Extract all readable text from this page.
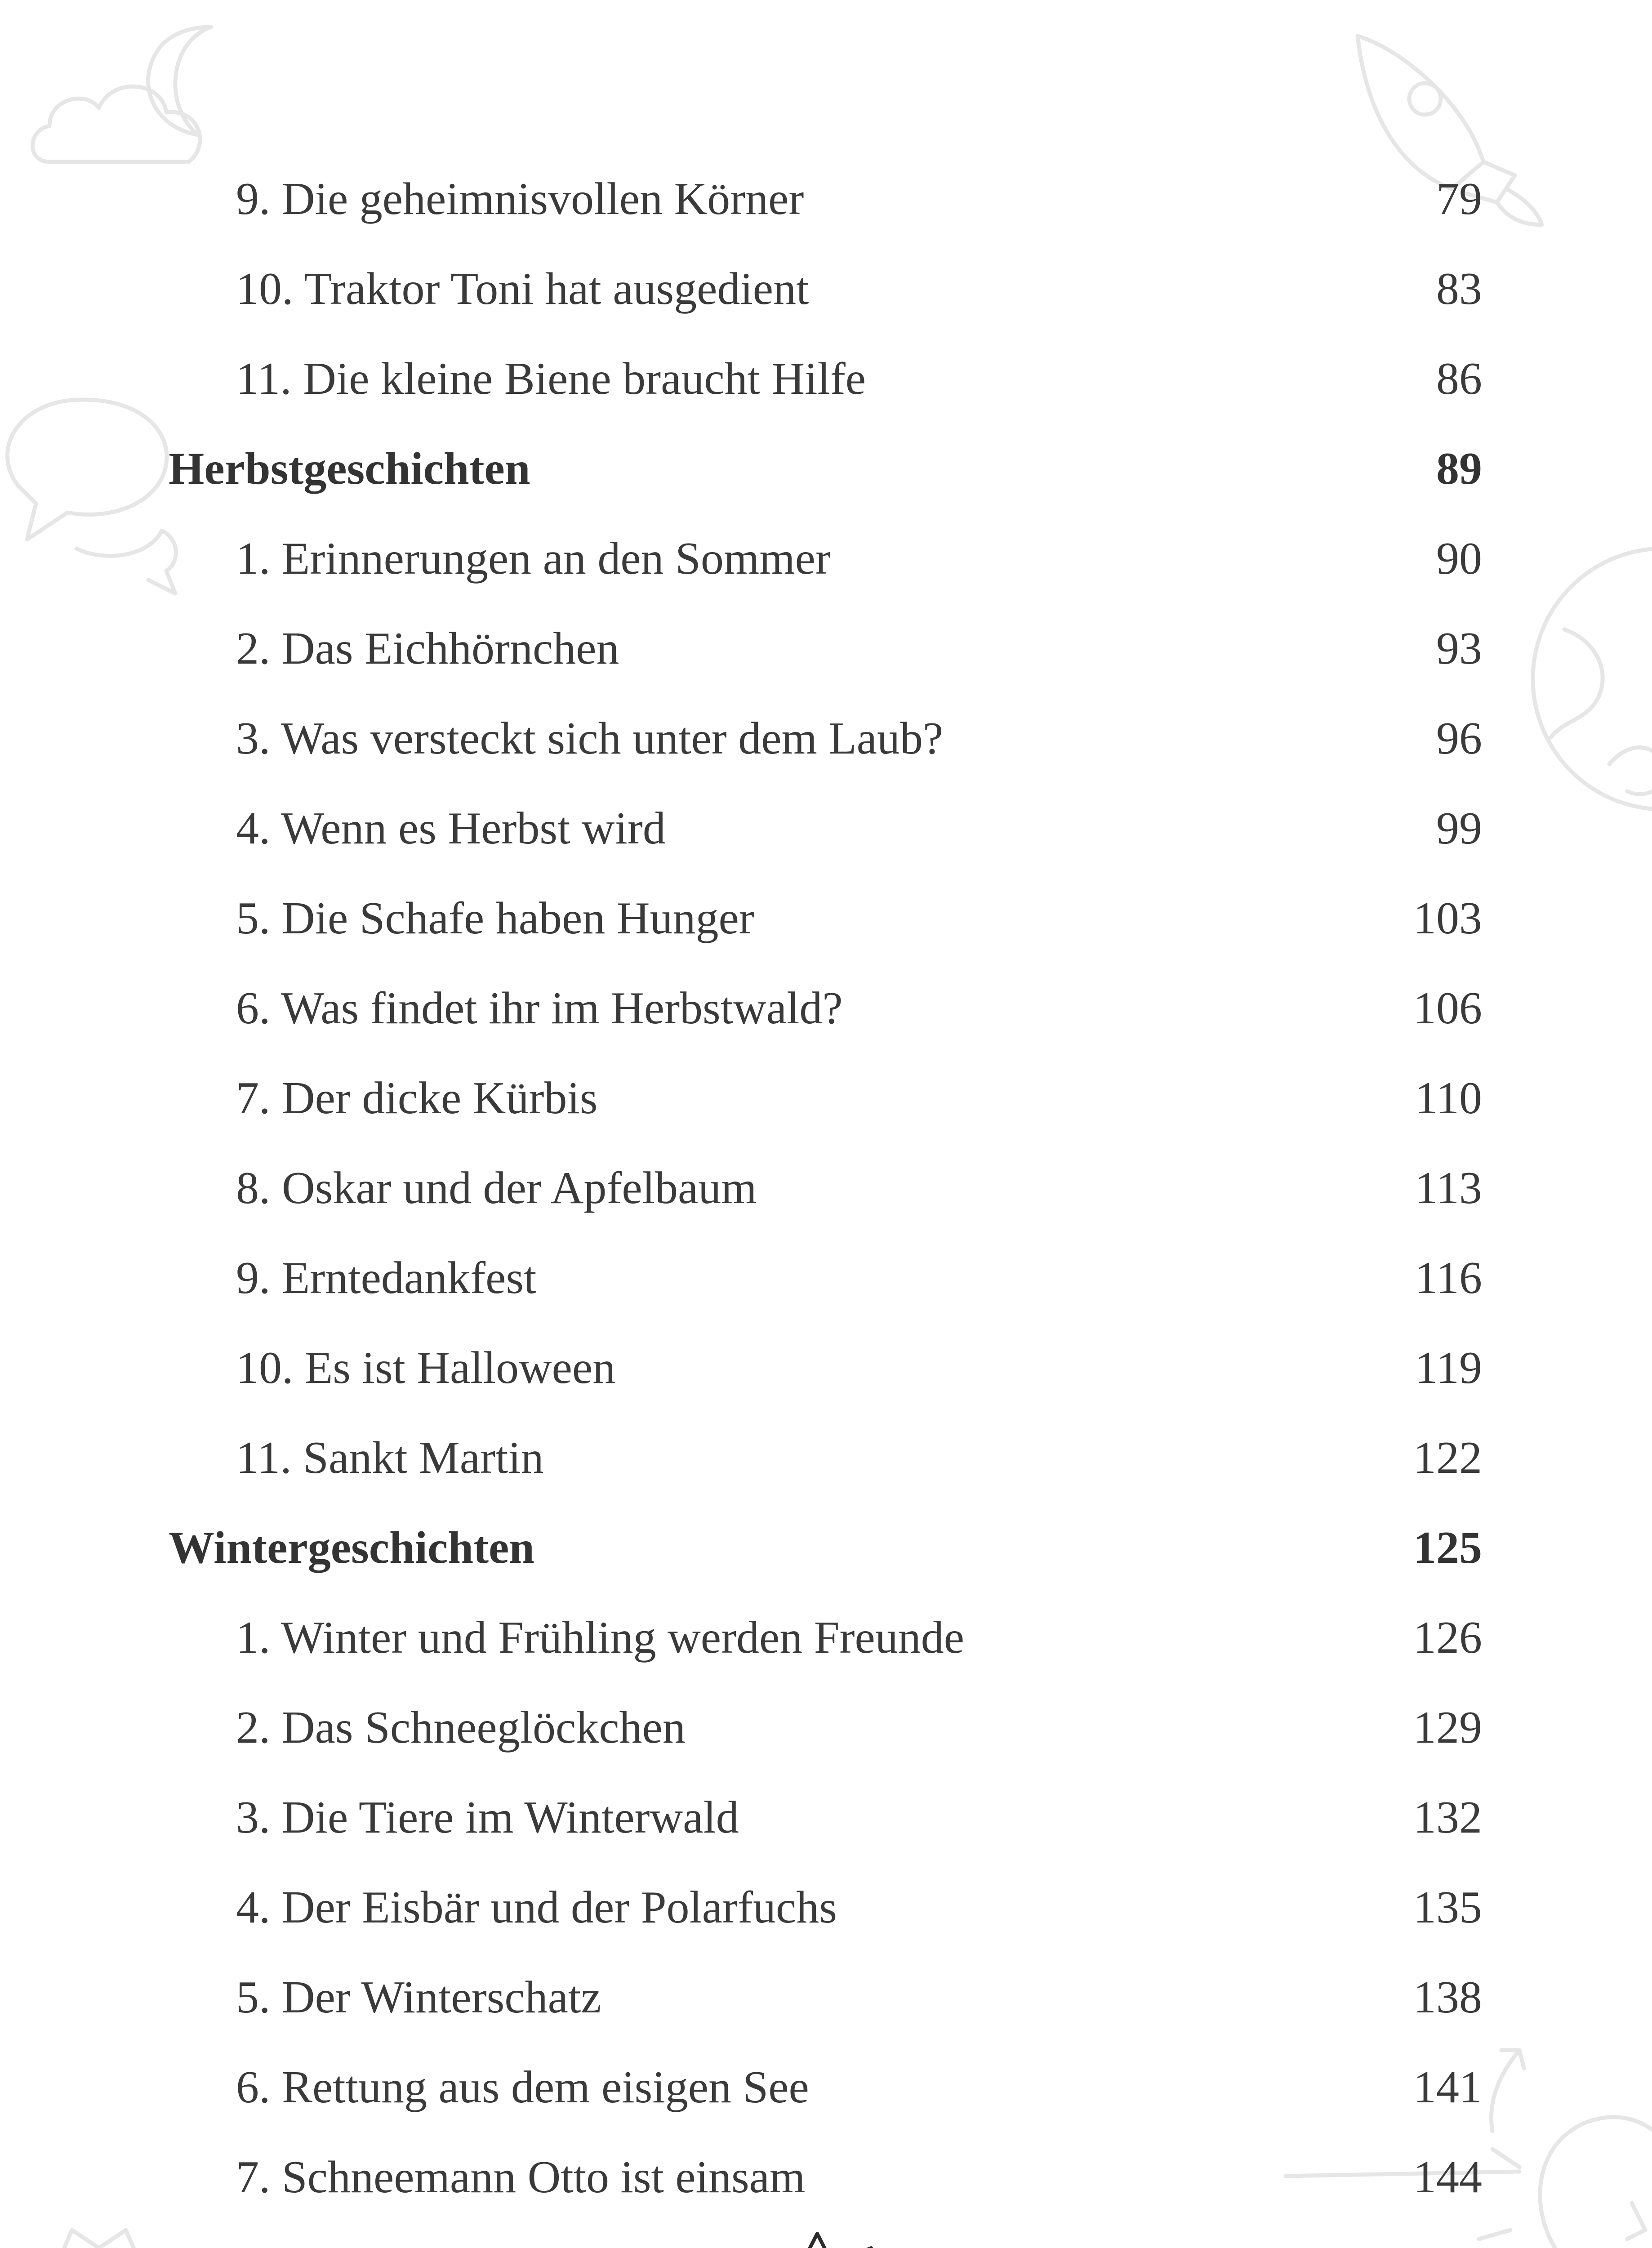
9. Die geheimnisvollen Körner	79
10. Traktor Toni hat ausgedient	83
11. Die kleine Biene braucht Hilfe	86
Herbstgeschichten	89
1. Erinnerungen an den Sommer	90
2. Das Eichhörnchen	93
3. Was versteckt sich unter dem Laub?	96
4. Wenn es Herbst wird	99
5. Die Schafe haben Hunger	103
6. Was findet ihr im Herbstwald?	106
7. Der dicke Kürbis	110
8. Oskar und der Apfelbaum	113
9. Erntedankfest	116
10. Es ist Halloween	119
11. Sankt Martin	122
Wintergeschichten	125
1. Winter und Frühling werden Freunde	126
2. Das Schneeglöckchen	129
3. Die Tiere im Winterwald	132
4. Der Eisbär und der Polarfuchs	135
5. Der Winterschatz	138
6. Rettung aus dem eisigen See	141
7. Schneemann Otto ist einsam	144
